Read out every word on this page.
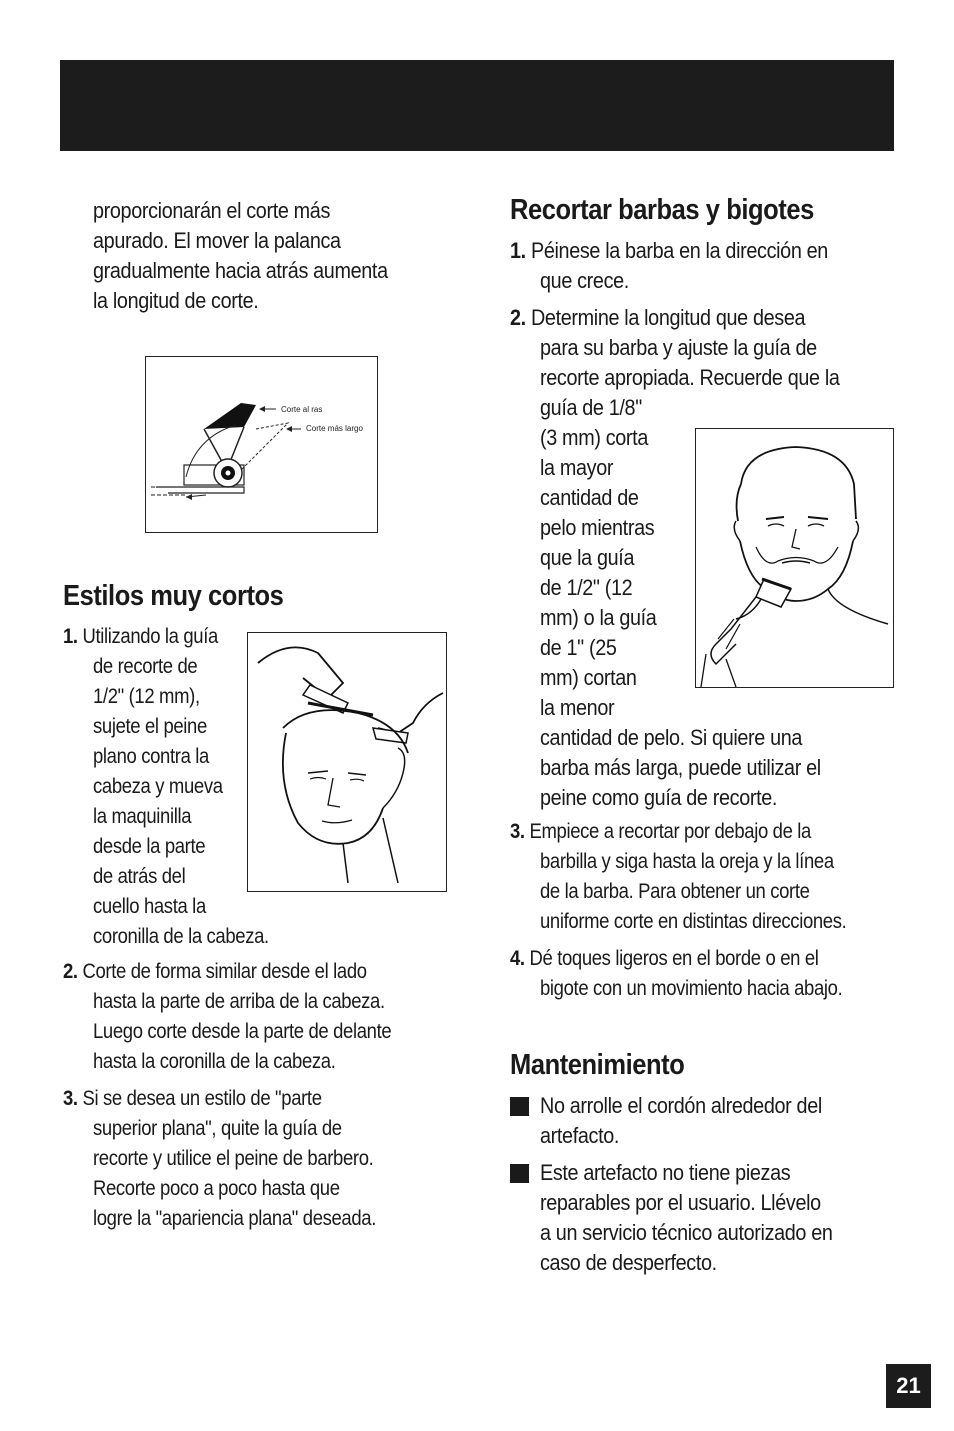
proporcionarán el corte más
apurado. El mover la palanca
gradualmente hacia atrás aumenta
la longitud de corte.
Corte al ras
Corte más largo
Estilos muy cortos
1. Utilizando la guía
de recorte de
1/2" (12 mm),
sujete el peine
plano contra la
cabeza y mueva
la maquinilla
desde la parte
de atrás del
cuello hasta la
coronilla de la cabeza.
2. Corte de forma similar desde el lado
hasta la parte de arriba de la cabeza.
Luego corte desde la parte de delante
hasta la coronilla de la cabeza.
3. Si se desea un estilo de "parte
superior plana", quite la guía de
recorte y utilice el peine de barbero.
Recorte poco a poco hasta que
logre la "apariencia plana" deseada.
Recortar barbas y bigotes
1. Péinese la barba en la dirección en
que crece.
2. Determine la longitud que desea
para su barba y ajuste la guía de
recorte apropiada. Recuerde que la
guía de 1/8"
(3 mm) corta
la mayor
cantidad de
pelo mientras
que la guía
de 1/2" (12
mm) o la guía
de 1" (25
mm) cortan
la menor
cantidad de pelo. Si quiere una
barba más larga, puede utilizar el
peine como guía de recorte.
3. Empiece a recortar por debajo de la
barbilla y siga hasta la oreja y la línea
de la barba. Para obtener un corte
uniforme corte en distintas direcciones.
4. Dé toques ligeros en el borde o en el
bigote con un movimiento hacia abajo.
Mantenimiento
No arrolle el cordón alrededor del
artefacto.
Este artefacto no tiene piezas
reparables por el usuario. Llévelo
a un servicio técnico autorizado en
caso de desperfecto.
21
